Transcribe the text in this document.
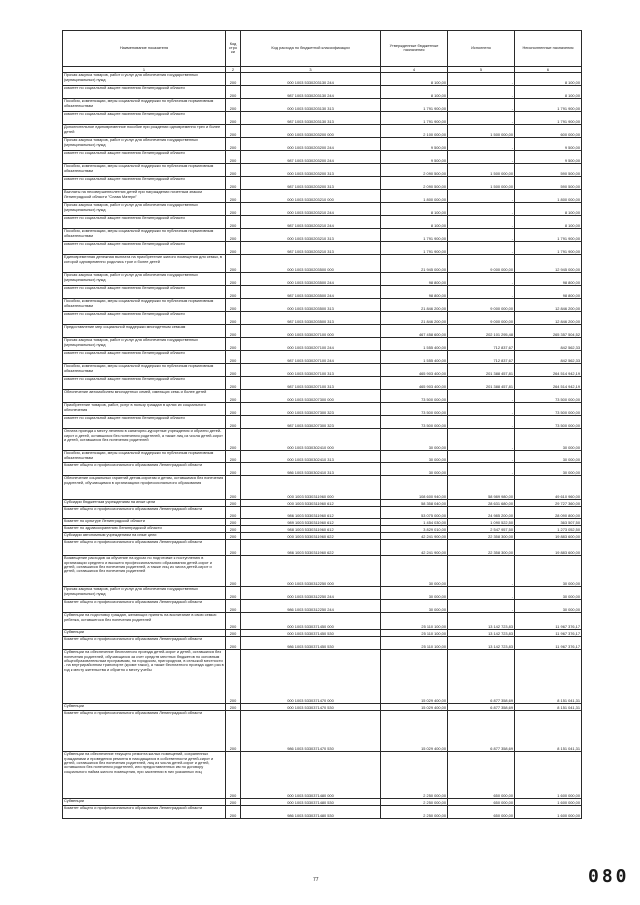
Наименование показателя	Код стро ки	Код расхода по бюджетной классификации	Утвержденные бюджетные назначения	Исполнено	Неисполненные назначения
1	2	3	4	5	6
Прочая закупка товаров, работ и услуг для обеспечения государственных (муниципальных) нужд	200	000 1003 5330203130 244	8 100,00	-	8 100,00
комитет по социальной защите населения Ленинградской области	200	987 1003 5330203130 244	8 100,00	-	8 100,00
Пособия, компенсации, меры социальной поддержки по публичным нормативным обязательствам	200	000 1003 5330203130 313	1 791 900,00	-	1 791 900,00
комитет по социальной защите населения Ленинградской области	200	987 1003 5330203130 313	1 791 900,00	-	1 791 900,00
Дополнительное единовременное пособие при рождении одновременно трех и более детей	200	000 1003 5330203200 000	2 100 000,00	1 500 000,00	600 000,00
Прочая закупка товаров, работ и услуг для обеспечения государственных (муниципальных) нужд	200	000 1003 5330203200 244	9 500,00	-	9 500,00
комитет по социальной защите населения Ленинградской области	200	987 1003 5330203200 244	9 500,00	-	9 500,00
Пособия, компенсации, меры социальной поддержки по публичным нормативным обязательствам	200	000 1003 5330203200 313	2 090 500,00	1 500 000,00	590 500,00
комитет по социальной защите населения Ленинградской области	200	987 1003 5330203200 313	2 090 500,00	1 500 000,00	590 500,00
Выплаты на несовершеннолетних детей при награждении почетным знаком Ленинградской области "Слава Матери"	200	000 1003 5330203210 000	1 800 000,00	-	1 800 000,00
Прочая закупка товаров, работ и услуг для обеспечения государственных (муниципальных) нужд	200	000 1003 5330203210 244	8 100,00	-	8 100,00
комитет по социальной защите населения Ленинградской области	200	987 1003 5330203210 244	8 100,00	-	8 100,00
Пособия, компенсации, меры социальной поддержки по публичным нормативным обязательствам	200	000 1003 5330203210 313	1 791 900,00	-	1 791 900,00
комитет по социальной защите населения Ленинградской области	200	987 1003 5330203210 313	1 791 900,00	-	1 791 900,00
Единовременная денежная выплата на приобретение жилого помещения для семьи, в которой одновременно родились трое и более детей	200	000 1003 5330203500 000	21 945 000,00	9 000 000,00	12 945 000,00
Прочая закупка товаров, работ и услуг для обеспечения государственных (муниципальных) нужд	200	000 1003 5330203500 244	98 800,00	-	98 800,00
комитет по социальной защите населения Ленинградской области	200	987 1003 5330203500 244	98 800,00	-	98 800,00
Пособия, компенсации, меры социальной поддержки по публичным нормативным обязательствам	200	000 1003 5330203500 313	21 846 200,00	9 000 000,00	12 846 200,00
комитет по социальной защите населения Ленинградской области	200	987 1003 5330203500 313	21 846 200,00	9 000 000,00	12 846 200,00
Предоставление мер социальной поддержки многодетным семьям	200	000 1003 5330207100 000	467 458 600,00	202 101 295,48	265 357 504,52
Прочая закупка товаров, работ и услуг для обеспечения государственных (муниципальных) нужд	200	000 1003 5330207100 244	1 555 400,00	712 837,67	842 562,33
комитет по социальной защите населения Ленинградской области	200	987 1003 5330207100 244	1 555 400,00	712 837,67	842 562,33
Пособия, компенсации, меры социальной поддержки по публичным нормативным обязательствам	200	000 1003 5330207100 313	465 903 400,00	201 388 457,81	264 514 942,19
комитет по социальной защите населения Ленинградской области	200	987 1003 5330207100 313	465 903 400,00	201 388 457,81	264 514 942,19
Обеспечение автомобилем многодетных семей, имеющих семь и более детей	200	000 1003 5330207300 000	73 500 000,00	-	73 500 000,00
Приобретение товаров, работ, услуг в пользу граждан в целях их социального обеспечения	200	000 1003 5330207300 323	73 500 000,00	-	73 500 000,00
комитет по социальной защите населения Ленинградской области	200	987 1003 5330207300 323	73 500 000,00	-	73 500 000,00
Оплата проезда к месту лечения в санаторно-курортные учреждения и обратно детей-сирот и детей, оставшихся без попечения родителей, а также лиц из числа детей-сирот и детей, оставшихся без попечения родителей	200	000 1003 5330302410 000	30 000,00	-	30 000,00
Пособия, компенсации, меры социальной поддержки по публичным нормативным обязательствам	200	000 1003 5330302410 313	30 000,00	-	30 000,00
Комитет общего и профессионального образования Ленинградской области	200	986 1003 5330302410 313	30 000,00	-	30 000,00
Обеспечение социальных гарантий детям-сиротам и детям, оставшимся без попечения родителей, обучающимся в организациях профессионального образования	200	000 1003 5330311960 000	108 600 940,00	58 989 980,00	49 610 960,00
Субсидии бюджетным учреждениям на иные цели	200	000 1003 5330311960 612	58 358 040,00	28 631 680,00	29 727 360,00
Комитет общего и профессионального образования Ленинградской области	200	986 1003 5330311960 612	53 075 000,00	24 985 200,00	28 090 800,00
Комитет по культуре Ленинградской области	200	989 1003 5330311960 612	1 454 030,00	1 090 522,50	363 507,50
Комитет по здравоохранению Ленинградской области	200	988 1003 5330311960 612	3 829 010,00	2 547 957,50	1 273 052,50
Субсидии автономным учреждениям на иные цели	200	000 1003 5330311960 622	42 241 900,00	22 358 300,00	19 883 600,00
Комитет общего и профессионального образования Ленинградской области	200	986 1003 5330311960 622	42 241 900,00	22 358 300,00	19 883 600,00
Возмещение расходов за обучение на курсах по подготовке к поступлению в организации среднего и высшего профессионального образования детей-сирот и детей, оставшихся без попечения родителей, а также лиц из числа детей-сирот и детей, оставшихся без попечения родителей	200	000 1003 5330312250 000	30 000,00	-	30 000,00
Прочая закупка товаров, работ и услуг для обеспечения государственных (муниципальных) нужд	200	000 1003 5330312250 244	30 000,00	-	30 000,00
Комитет общего и профессионального образования Ленинградской области	200	986 1003 5330312250 244	30 000,00	-	30 000,00
Субвенции на подготовку граждан, желающих принять на воспитание в свою семью ребенка, оставшегося без попечения родителей	200	000 1003 5330371450 000	25 110 100,00	13 142 723,83	11 967 376,17
Субвенции	200	000 1003 5330371450 530	25 110 100,00	13 142 723,83	11 967 376,17
Комитет общего и профессионального образования Ленинградской области	200	986 1003 5330371450 530	25 110 100,00	13 142 723,83	11 967 376,17
Субвенции на обеспечение бесплатного проезда детей-сирот и детей, оставшихся без попечения родителей, обучающихся за счет средств местных бюджетов по основным общеобразовательным программам, на городском, пригородном, в сельской местности - на внутрирайонном транспорте (кроме такси), а также бесплатного проезда один раз в год к месту жительства и обратно к месту учебы	200	000 1003 5330371470 000	15 029 400,00	6 877 358,69	8 151 041,31
Субвенции	200	000 1003 5330371470 530	15 029 400,00	6 877 358,69	8 151 041,31
Комитет общего и профессионального образования Ленинградской области	200	986 1003 5330371470 530	15 029 400,00	6 877 358,69	8 151 041,31
Субвенции на обеспечение текущего ремонта жилых помещений, сохраненных гражданами и проведения ремонта в находящихся в собственности детей-сирот и детей, оставшихся без попечения родителей, лиц из числа детей-сирот и детей, оставшихся без попечения родителей, или предоставленных им по договору социального найма жилого помещения, при заселении в них указанных лиц	200	000 1003 5330371480 000	2 250 000,00	650 000,00	1 600 000,00
Субвенции	200	000 1003 5330371480 530	2 250 000,00	650 000,00	1 600 000,00
Комитет общего и профессионального образования Ленинградской области	200	986 1003 5330371480 530	2 250 000,00	650 000,00	1 600 000,00
77	080
